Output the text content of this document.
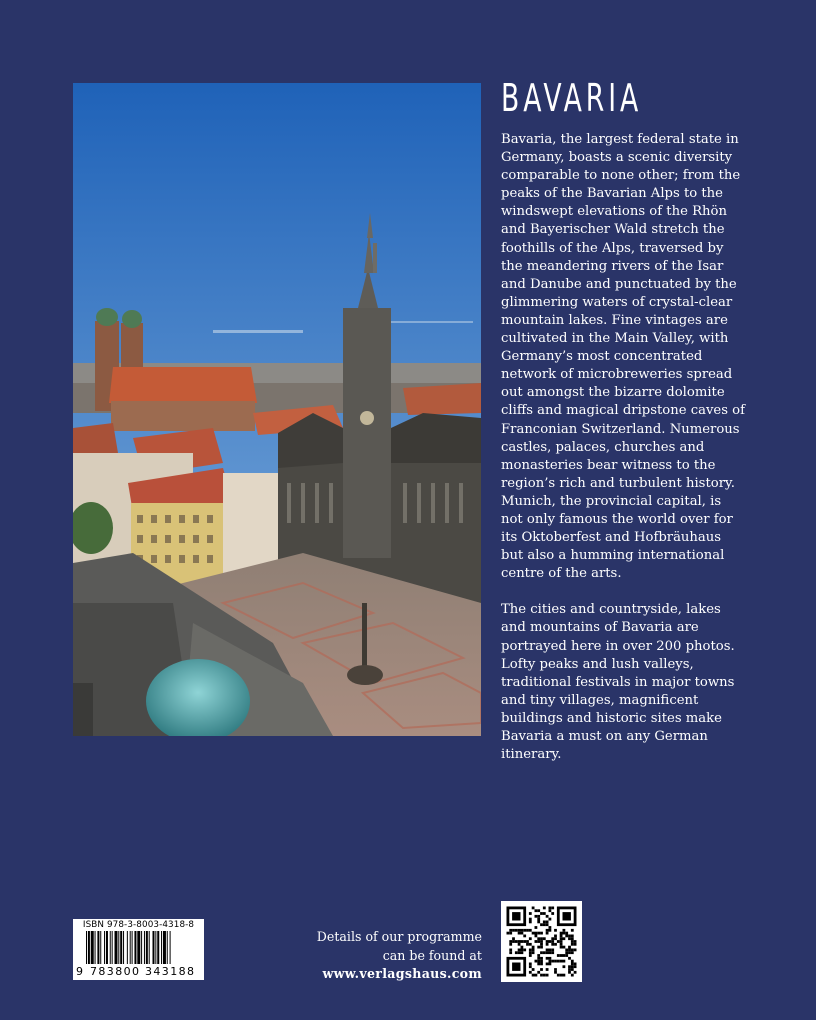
BAVARIA

Bavaria, the largest federal state in
Germany, boasts a scenic diversity
comparable to none other; from the
peaks of the Bavarian Alps to the
windswept elevations of the Rhön
and Bayerischer Wald stretch the
foothills of the Alps, traversed by
the meandering rivers of the Isar
and Danube and punctuated by the
glimmering waters of crystal-clear
mountain lakes. Fine vintages are
cultivated in the Main Valley, with
Germany’s most concentrated
network of microbreweries spread
out amongst the bizarre dolomite
cliffs and magical dripstone caves of
Franconian Switzerland. Numerous
castles, palaces, churches and
monasteries bear witness to the
region’s rich and turbulent history.
Munich, the provincial capital, is
not only famous the world over for
its Oktoberfest and Hofbräuhaus
but also a humming international
centre of the arts.

The cities and countryside, lakes
and mountains of Bavaria are
portrayed here in over 200 photos.
Lofty peaks and lush valleys,
traditional festivals in major towns
and tiny villages, magnificent
buildings and historic sites make
Bavaria a must on any German
itinerary.

ISBN 978-3-8003-4318-8
9 783800 343188
Details of our programme
can be found at
www.verlagshaus.com
